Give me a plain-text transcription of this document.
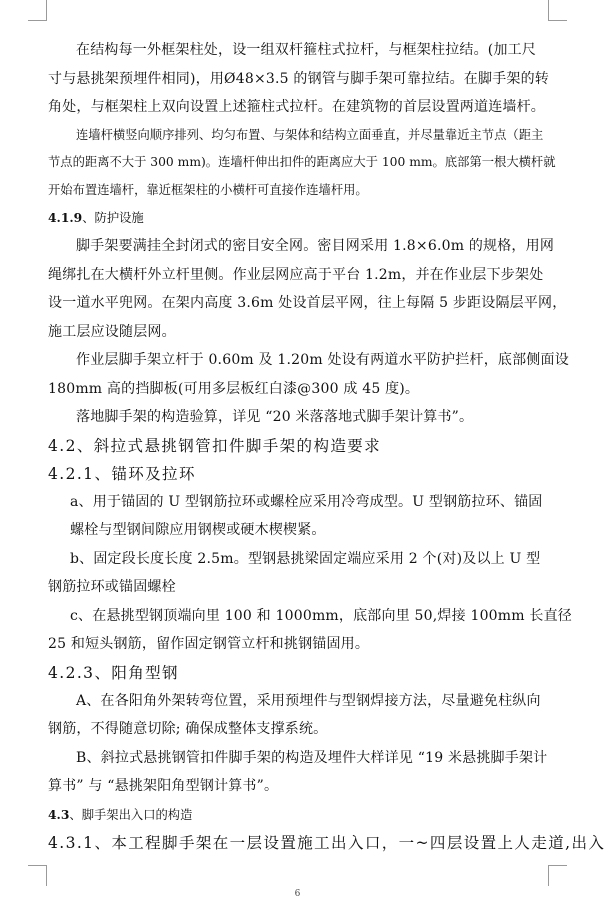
在结构每一外框架柱处，设一组双杆箍柱式拉杆，与框架柱拉结。(加工尺

寸与悬挑架预埋件相同)，用Ø48×3.5 的钢管与脚手架可靠拉结。在脚手架的转

角处，与框架柱上双向设置上述箍柱式拉杆。在建筑物的首层设置两道连墙杆。

连墙杆横竖向顺序排列、均匀布置、与架体和结构立面垂直，并尽量靠近主节点（距主

节点的距离不大于 300 mm)。连墙杆伸出扣件的距离应大于 100 mm。底部第一根大横杆就

开始布置连墙杆，靠近框架柱的小横杆可直接作连墙杆用。

4.1.9、防护设施

脚手架要满挂全封闭式的密目安全网。密目网采用 1.8×6.0m 的规格，用网

绳绑扎在大横杆外立杆里侧。作业层网应高于平台 1.2m，并在作业层下步架处

设一道水平兜网。在架内高度 3.6m 处设首层平网，往上每隔 5 步距设隔层平网，

施工层应设随层网。

作业层脚手架立杆于 0.60m 及 1.20m 处设有两道水平防护拦杆，底部侧面设

180mm 高的挡脚板(可用多层板红白漆@300 成 45 度)。

落地脚手架的构造验算，详见 “20 米落落地式脚手架计算书”。

4.2、斜拉式悬挑钢管扣件脚手架的构造要求

4.2.1、锚环及拉环

a、用于锚固的 U 型钢筋拉环或螺栓应采用冷弯成型。U 型钢筋拉环、锚固

螺栓与型钢间隙应用钢楔或硬木楔楔紧。

b、固定段长度长度 2.5m。型钢悬挑梁固定端应采用 2 个(对)及以上 U 型

钢筋拉环或锚固螺栓

c、在悬挑型钢顶端向里 100 和 1000mm，底部向里 50,焊接 100mm 长直径

25 和短头钢筋，留作固定钢管立杆和挑钢锚固用。

4.2.3、阳角型钢

A、在各阳角外架转弯位置，采用预埋件与型钢焊接方法，尽量避免柱纵向

钢筋，不得随意切除; 确保成整体支撑系统。

B、斜拉式悬挑钢管扣件脚手架的构造及埋件大样详见 “19 米悬挑脚手架计

算书” 与 “悬挑架阳角型钢计算书”。

4.3、脚手架出入口的构造

4.3.1、本工程脚手架在一层设置施工出入口，一~四层设置上人走道,出入

6
